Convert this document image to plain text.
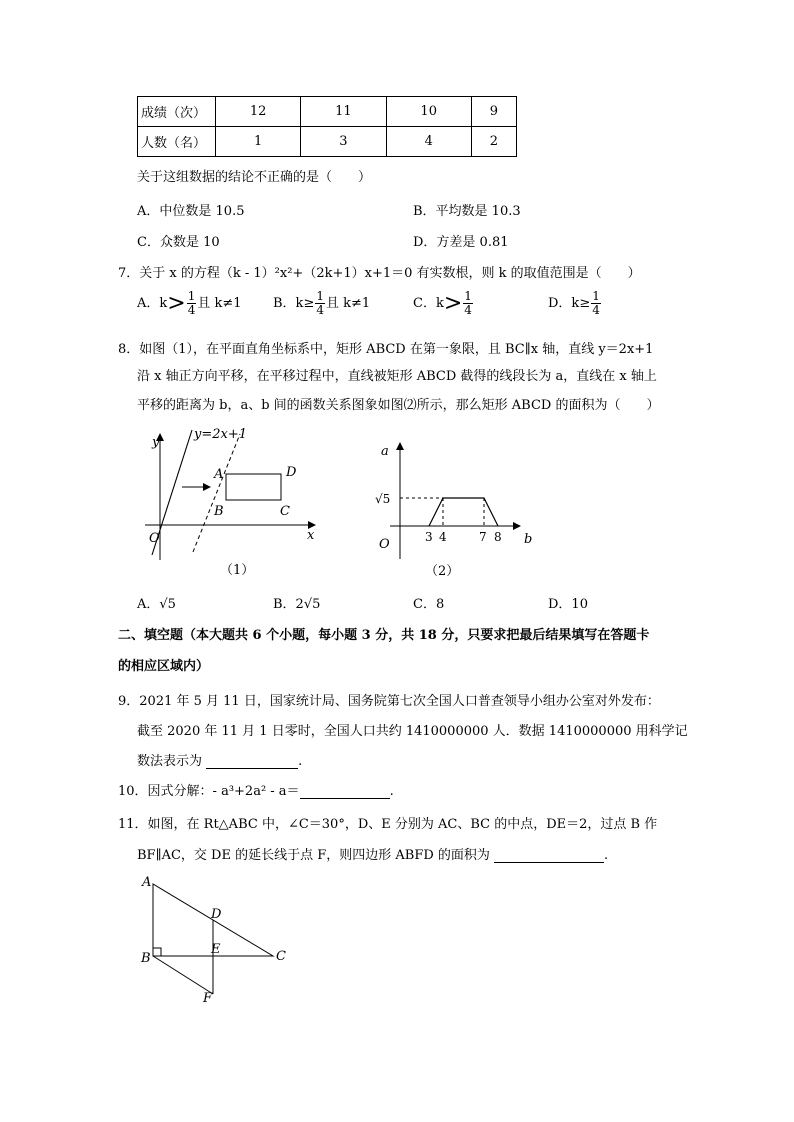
成绩（次）	12	11	10	9
人数（名）	1	3	4	2
关于这组数据的结论不正确的是（　　）
A．中位数是 10.5	B．平均数是 10.3
C．众数是 10	D．方差是 0.81
7．关于 x 的方程（k - 1）²x²+（2k+1）x+1＝0 有实数根，则 k 的取值范围是（　　）
A．$k> \frac{1}{4}$ 且 k≠1 B．$k\ge \frac{1}{4}$ 且 k≠1	C．$k> \frac{1}{4}$	D．$k\ge \frac{1}{4}$
8．如图（1），在平面直角坐标系中，矩形 ABCD 在第一象限，且 BC∥x 轴，直线 y＝2x+1
沿 x 轴正方向平移，在平移过程中，直线被矩形 ABCD 截得的线段长为 a，直线在 x 轴上
平移的距离为 b，a、b 间的函数关系图象如图⑵所示，那么矩形 ABCD 的面积为（　　）
y
y=2x+1
x
O
A	D
B	C
（1）
a
b
O
√5
3 4	7 8
（2）
A．√5	B．2√5	C．8	D．10
二、填空题（本大题共 6 个小题，每小题 3 分，共 18 分，只要求把最后结果填写在答题卡
的相应区域内）
9．2021 年 5 月 11 日，国家统计局、国务院第七次全国人口普查领导小组办公室对外发布：
截至 2020 年 11 月 1 日零时，全国人口共约 1410000000 人．数据 1410000000 用科学记
数法表示为	.
10．因式分解：- a³+2a² - a＝	.
11．如图，在 Rt△ABC 中，∠C＝30°，D、E 分别为 AC、BC 的中点，DE＝2，过点 B 作
BF∥AC，交 DE 的延长线于点 F，则四边形 ABFD 的面积为	.
A
B	C
D
E
F
